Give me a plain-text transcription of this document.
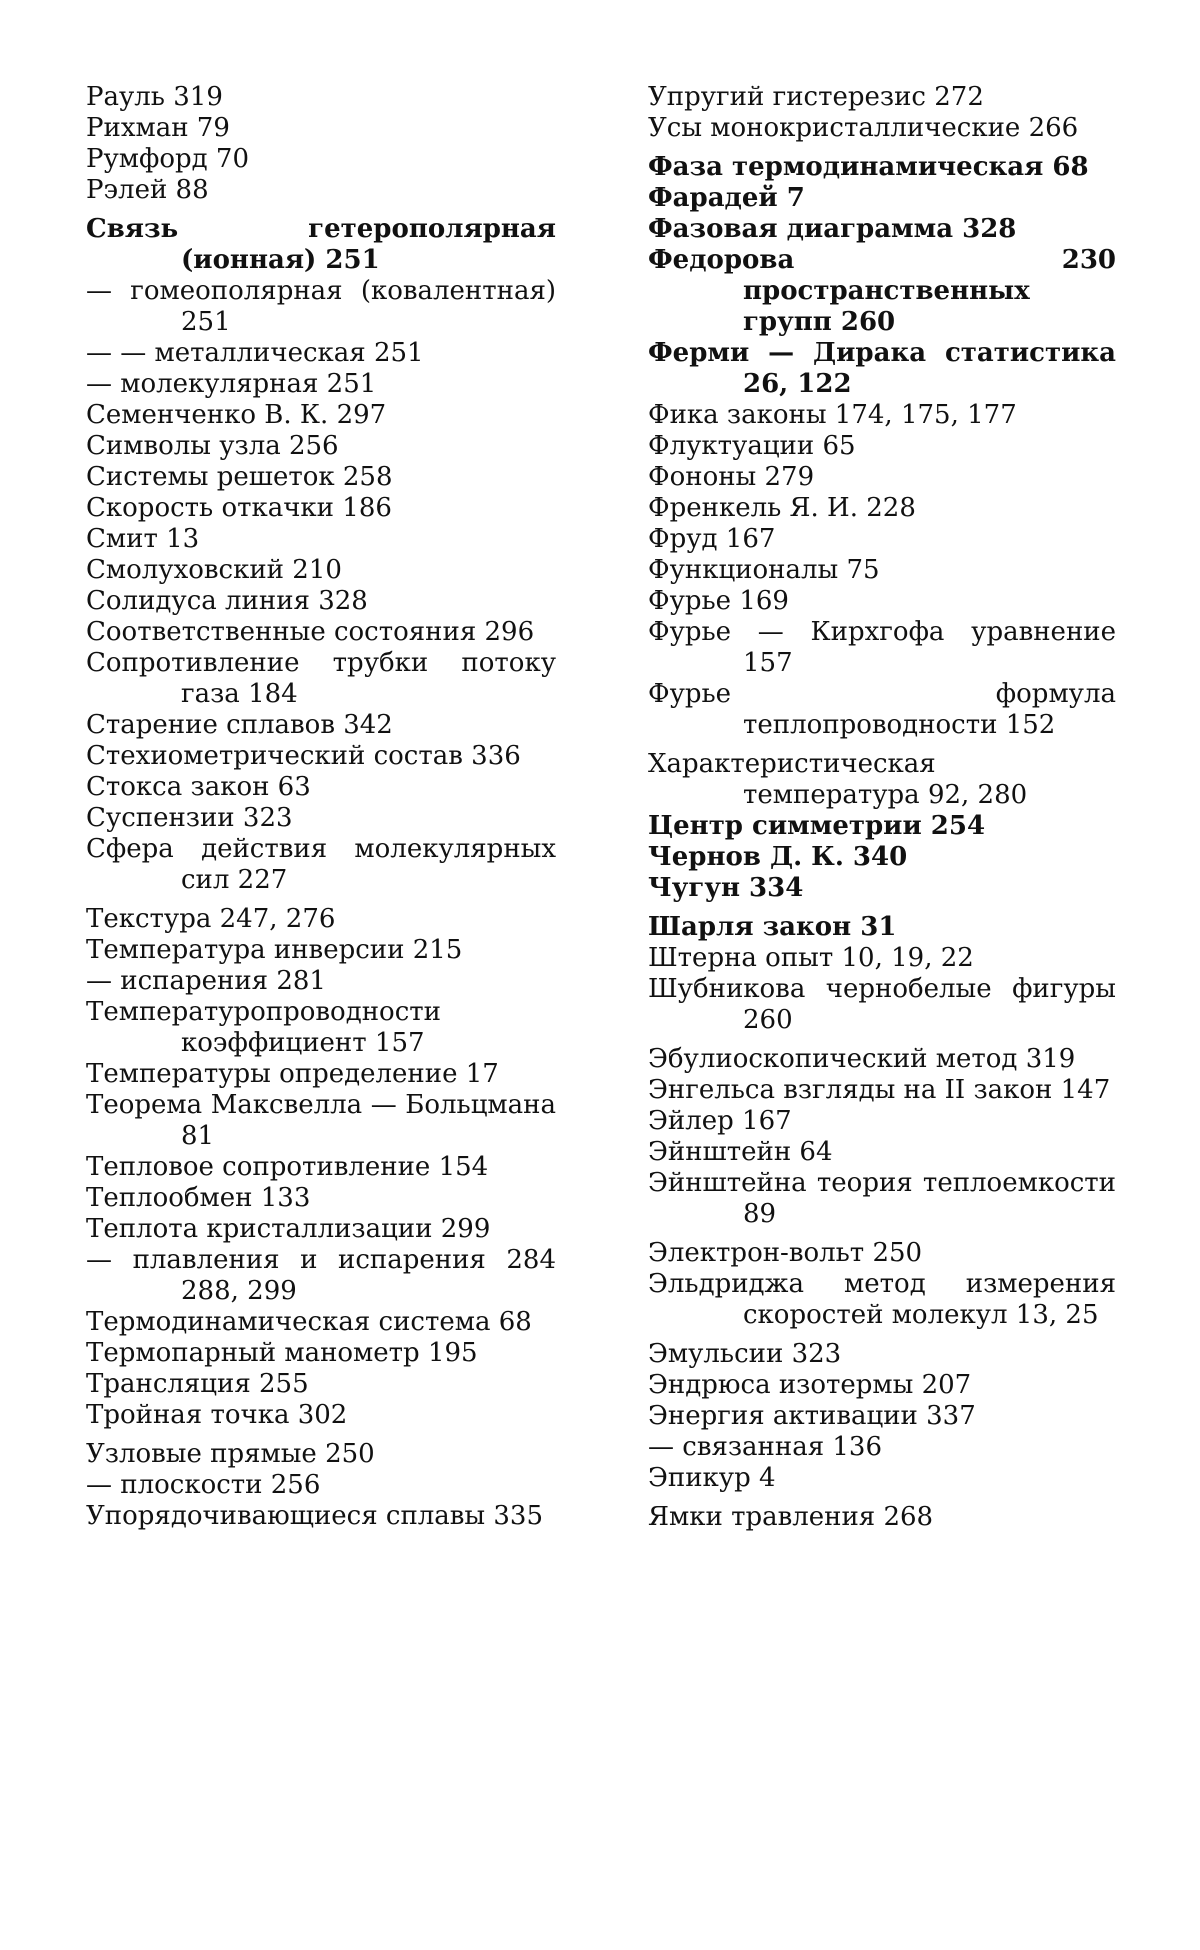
Рауль 319

Рихман 79

Румфорд 70

Рэлей 88

Связь гетерополярная (ионная) 251

— гомеополярная (ковалентная) 251

— — металлическая 251

— молекулярная 251

Семенченко В. К. 297

Символы узла 256

Системы решеток 258

Скорость откачки 186

Смит 13

Смолуховский 210

Солидуса линия 328

Соответственные состояния 296

Сопротивление трубки потоку газа 184

Старение сплавов 342

Стехиометрический состав 336

Стокса закон 63

Суспензии 323

Сфера действия молекулярных сил 227

Текстура 247, 276

Температура инверсии 215

— испарения 281

Температуропроводности коэффициент 157

Температуры определение 17

Теорема Максвелла — Больцмана 81

Тепловое сопротивление 154

Теплообмен 133

Теплота кристаллизации 299

— плавления и испарения 284 288, 299

Термодинамическая система 68

Термопарный манометр 195

Трансляция 255

Тройная точка 302

Узловые прямые 250

— плоскости 256

Упорядочивающиеся сплавы 335

Упругий гистерезис 272

Усы монокристаллические 266

Фаза термодинамическая 68

Фарадей 7

Фазовая диаграмма 328

Федорова 230 пространственных групп 260

Ферми — Дирака статистика 26, 122

Фика законы 174, 175, 177

Флуктуации 65

Фононы 279

Френкель Я. И. 228

Фруд 167

Функционалы 75

Фурье 169

Фурье — Кирхгофа уравнение 157

Фурье формула теплопроводности 152

Характеристическая температура 92, 280

Центр симметрии 254

Чернов Д. К. 340

Чугун 334

Шарля закон 31

Штерна опыт 10, 19, 22

Шубникова чернобелые фигуры 260

Эбулиоскопический метод 319

Энгельса взгляды на II закон 147

Эйлер 167

Эйнштейн 64

Эйнштейна теория теплоемкости 89

Электрон-вольт 250

Эльдриджа метод измерения скоростей молекул 13, 25

Эмульсии 323

Эндрюса изотермы 207

Энергия активации 337

— связанная 136

Эпикур 4

Ямки травления 268
